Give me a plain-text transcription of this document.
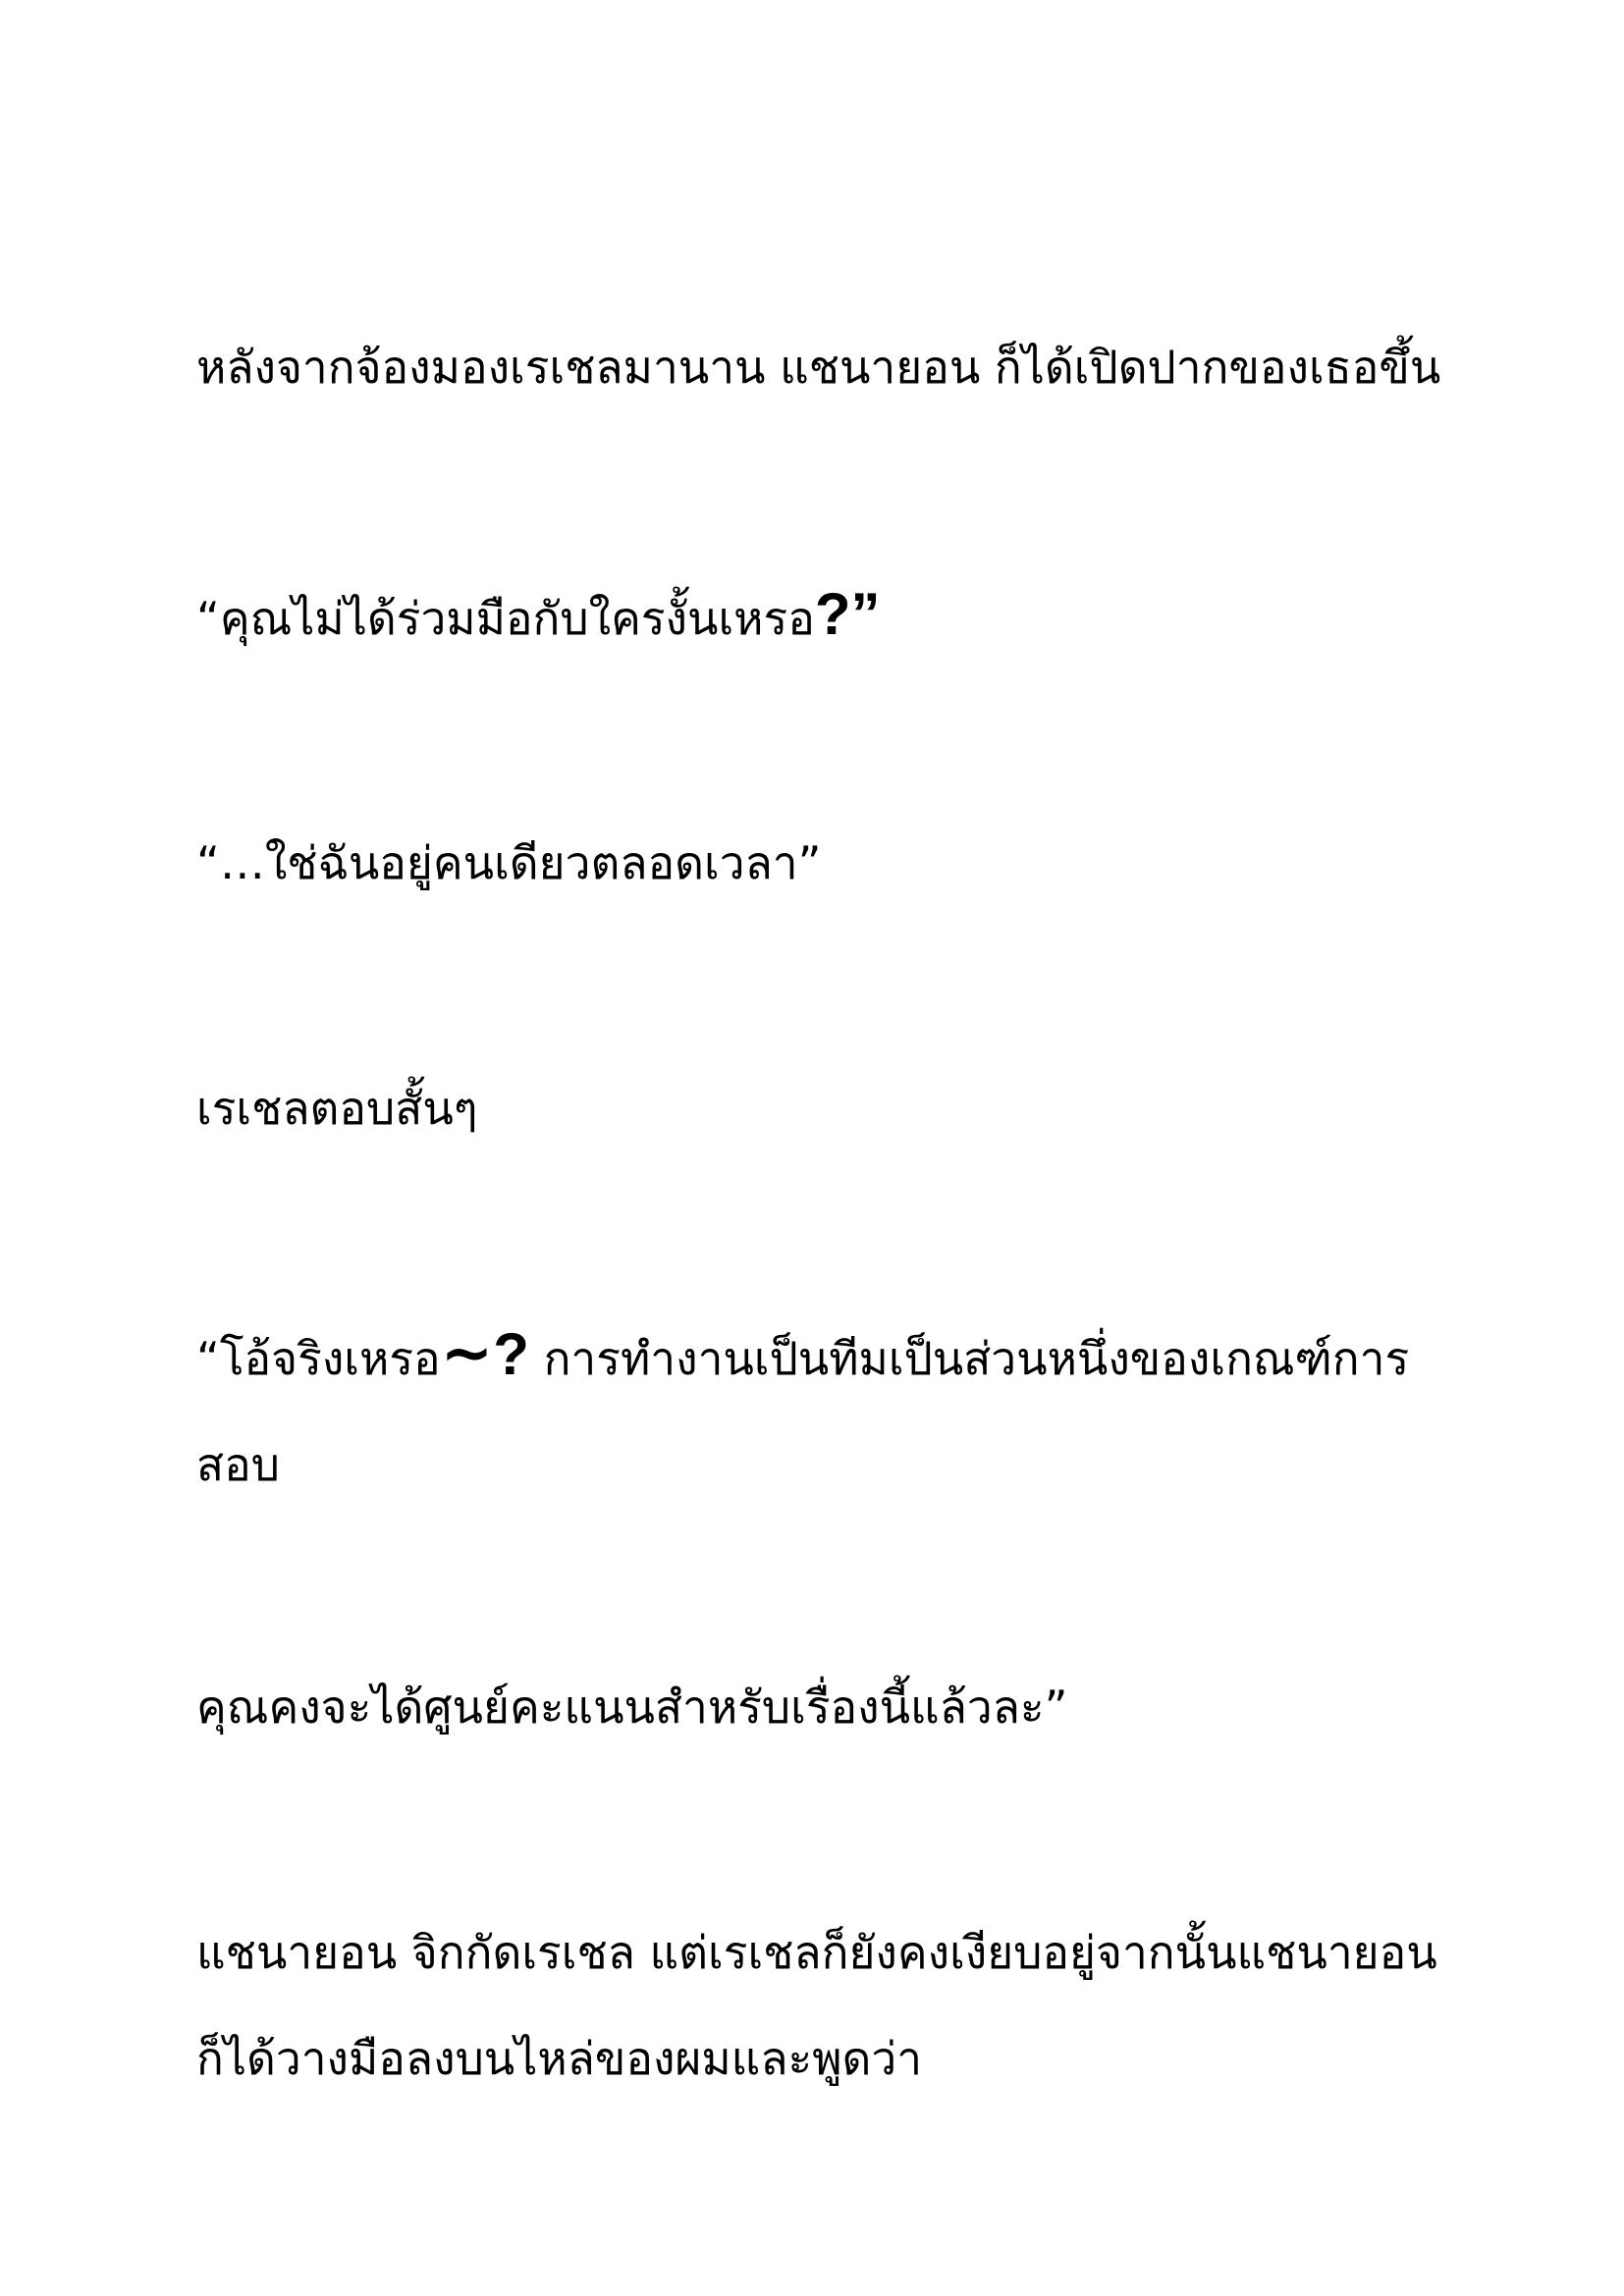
หลังจากจ้องมองเรเชลมานาน แชนายอน ก็ได้เปิดปากของเธอขึ้น

“คุณไม่ได้ร่วมมือกับใครงั้นเหรอ?”

“…ใช่ฉันอยู่คนเดียวตลอดเวลา”

เรเชลตอบสั้นๆ

“โอ้จริงเหรอ~? การทำงานเป็นทีมเป็นส่วนหนึ่งของเกณฑ์การ
สอบ

คุณคงจะได้ศูนย์คะแนนสำหรับเรื่องนี้แล้วละ”

แชนายอน จิกกัดเรเชล แต่เรเชลก็ยังคงเงียบอยู่จากนั้นแชนายอน
ก็ได้วางมือลงบนไหล่ของผมและพูดว่า
